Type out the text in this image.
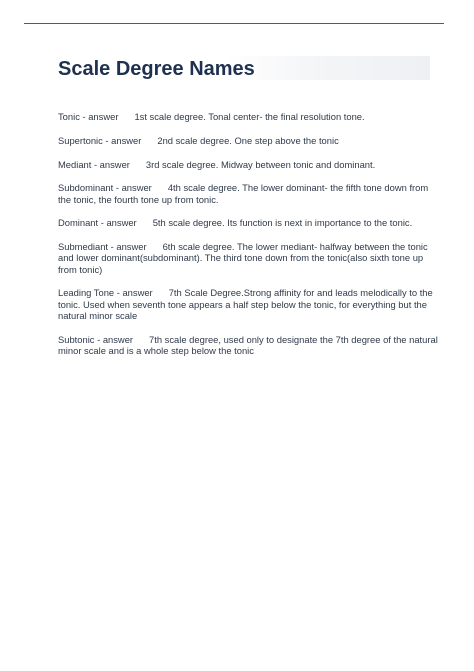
Scale Degree Names

Tonic - answer 1st scale degree. Tonal center- the final resolution tone.

Supertonic - answer 2nd scale degree. One step above the tonic

Mediant - answer 3rd scale degree. Midway between tonic and dominant.

Subdominant - answer 4th scale degree. The lower dominant- the fifth tone down from the tonic, the fourth tone up from tonic.

Dominant - answer 5th scale degree. Its function is next in importance to the tonic.

Submediant - answer 6th scale degree. The lower mediant- halfway between the tonic and lower dominant(subdominant). The third tone down from the tonic(also sixth tone up from tonic)

Leading Tone - answer 7th Scale Degree.Strong affinity for and leads melodically to the tonic. Used when seventh tone appears a half step below the tonic, for everything but the natural minor scale

Subtonic - answer 7th scale degree, used only to designate the 7th degree of the natural minor scale and is a whole step below the tonic
